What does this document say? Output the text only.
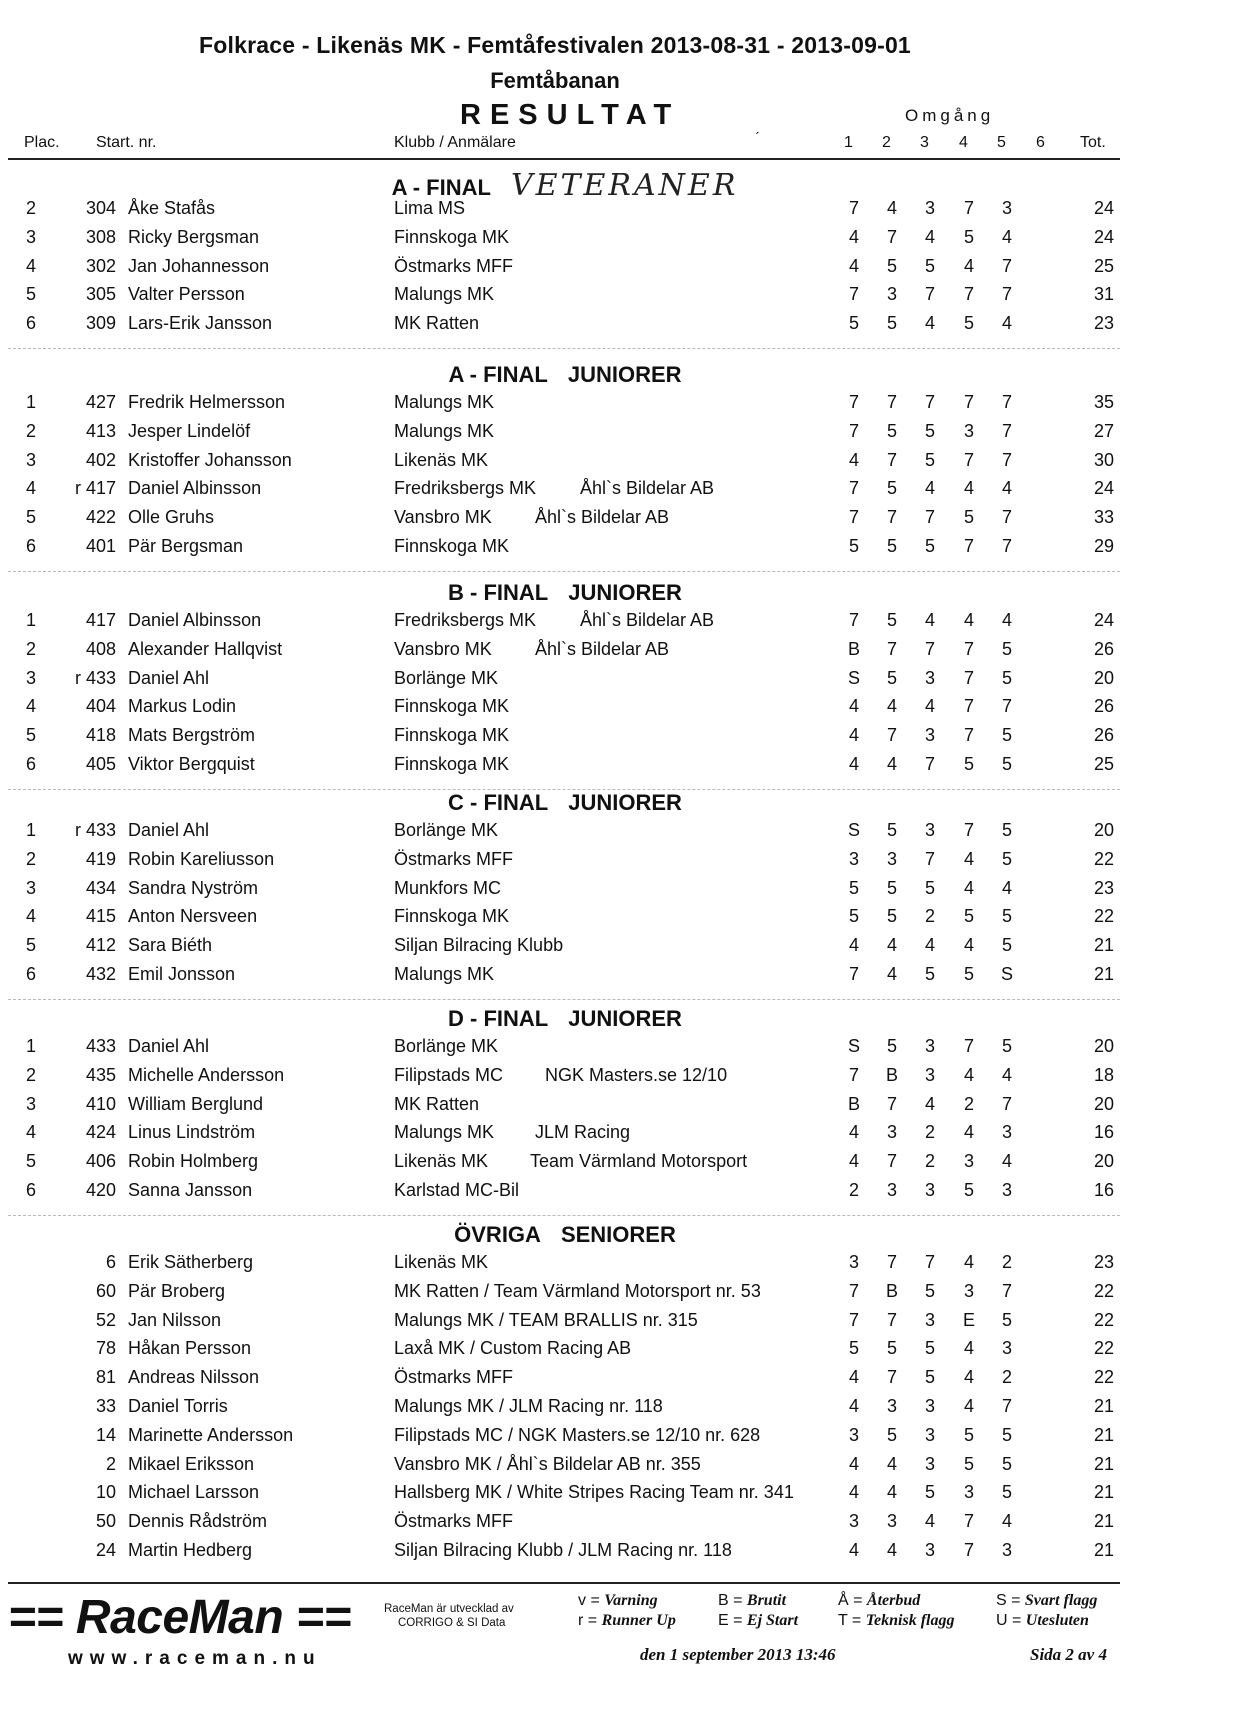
Folkrace - Likenäs MK - Femtåfestivalen 2013-08-31 - 2013-09-01
Femtåbanan
RESULTAT	ˏ
Omgång
Plac. Start. nr.	Klubb / Anmälare	1 2 3 4 5 6 Tot.
A - FINAL VETERANER
2	304 Åke Stafås	Lima MS	7	4	3	7	3	24
3	308 Ricky Bergsman	Finnskoga MK	4	7	4	5	4	24
4	302 Jan Johannesson	Östmarks MFF	4	5	5	4	7	25
5	305 Valter Persson	Malungs MK	7	3	7	7	7	31
6	309 Lars-Erik Jansson	MK Ratten	5	5	4	5	4	23
A - FINAL JUNIORER
1	427 Fredrik Helmersson	Malungs MK	7	7	7	7	7	35
2	413 Jesper Lindelöf	Malungs MK	7	5	5	3	7	27
3	402 Kristoffer Johansson	Likenäs MK	4	7	5	7	7	30
4	r 417 Daniel Albinsson	Fredriksbergs MK Åhl`s Bildelar AB	7	5	4	4	4	24
5	422 Olle Gruhs	Vansbro MK Åhl`s Bildelar AB	7	7	7	5	7	33
6	401 Pär Bergsman	Finnskoga MK	5	5	5	7	7	29
B - FINAL JUNIORER
1	417 Daniel Albinsson	Fredriksbergs MK Åhl`s Bildelar AB	7	5	4	4	4	24
2	408 Alexander Hallqvist	Vansbro MK Åhl`s Bildelar AB	B	7	7	7	5	26
3	r 433 Daniel Ahl	Borlänge MK	S	5	3	7	5	20
4	404 Markus Lodin	Finnskoga MK	4	4	4	7	7	26
5	418 Mats Bergström	Finnskoga MK	4	7	3	7	5	26
6	405 Viktor Bergquist	Finnskoga MK	4	4	7	5	5	25
C - FINAL JUNIORER
1	r 433 Daniel Ahl	Borlänge MK	S	5	3	7	5	20
2	419 Robin Kareliusson	Östmarks MFF	3	3	7	4	5	22
3	434 Sandra Nyström	Munkfors MC	5	5	5	4	4	23
4	415 Anton Nersveen	Finnskoga MK	5	5	2	5	5	22
5	412 Sara Biéth	Siljan Bilracing Klubb	4	4	4	4	5	21
6	432 Emil Jonsson	Malungs MK	7	4	5	5	S	21
D - FINAL JUNIORER
1	433 Daniel Ahl	Borlänge MK	S	5	3	7	5	20
2	435 Michelle Andersson	Filipstads MC NGK Masters.se 12/10	7	B	3	4	4	18
3	410 William Berglund	MK Ratten	B	7	4	2	7	20
4	424 Linus Lindström	Malungs MK JLM Racing	4	3	2	4	3	16
5	406 Robin Holmberg	Likenäs MK Team Värmland Motorsport	4	7	2	3	4	20
6	420 Sanna Jansson	Karlstad MC-Bil	2	3	3	5	3	16
ÖVRIGA SENIORER
6 Erik Sätherberg	Likenäs MK	3	7	7	4	2	23
60 Pär Broberg	MK Ratten / Team Värmland Motorsport nr. 53	7	B	5	3	7	22
52 Jan Nilsson	Malungs MK / TEAM BRALLIS nr. 315	7	7	3	E	5	22
78 Håkan Persson	Laxå MK / Custom Racing AB	5	5	5	4	3	22
81 Andreas Nilsson	Östmarks MFF	4	7	5	4	2	22
33 Daniel Torris	Malungs MK / JLM Racing nr. 118	4	3	3	4	7	21
14 Marinette Andersson	Filipstads MC / NGK Masters.se 12/10 nr. 628	3	5	3	5	5	21
2 Mikael Eriksson	Vansbro MK / Åhl`s Bildelar AB nr. 355	4	4	3	5	5	21
10 Michael Larsson	Hallsberg MK / White Stripes Racing Team nr. 341	4	4	5	3	5	21
50 Dennis Rådström	Östmarks MFF	3	3	4	7	4	21
24 Martin Hedberg	Siljan Bilracing Klubb / JLM Racing nr. 118	4	4	3	7	3	21
== RaceMan ==
www.raceman.nu
RaceMan är utvecklad av
CORRIGO & SI Data
v = Varning
r = Runner Up
B = Brutit
E = Ej Start
Å = Återbud
T = Teknisk flagg
S = Svart flagg
U = Utesluten
den 1 september 2013 13:46	Sida 2 av 4
